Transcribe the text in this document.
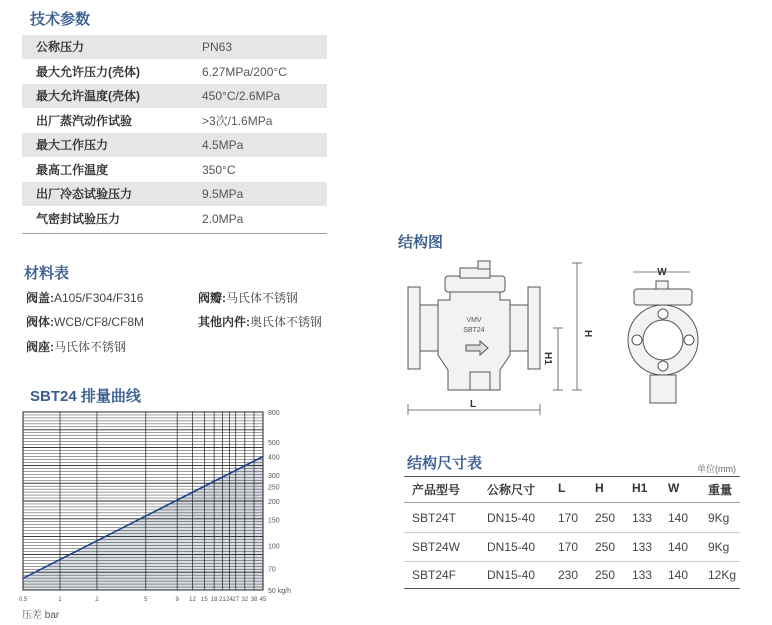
技术参数
公称压力	PN63
最大允许压力(壳体)	6.27MPa/200°C
最大允许温度(壳体)	450°C/2.6MPa
出厂蒸汽动作试验	>3次/1.6MPa
最大工作压力	4.5MPa
最高工作温度	350°C
出厂冷态试验压力	9.5MPa
气密封试验压力	2.0MPa
材料表
阀盖:A105/F304/F316	阀瓣:马氏体不锈钢
阀体:WCB/CF8/CF8M	其他内件:奥氏体不锈钢
阀座:马氏体不锈钢
SBT24 排量曲线
0.5	1	2	5	9 12 15 18 21 24 27 32 38 45
50 kg/h
70
100
150
200
250
300
400
500
800
压差 bar
结构图
VMV
SBT24
L
H
H1
W
结构尺寸表	单位(mm)
产品型号 公称尺寸 L H H1 W 重量
SBT24T	DN15-40 170 250 133 140 9Kg
SBT24W DN15-40 170 250 133 140 9Kg
SBT24F	DN15-40 230 250 133 140 12Kg
